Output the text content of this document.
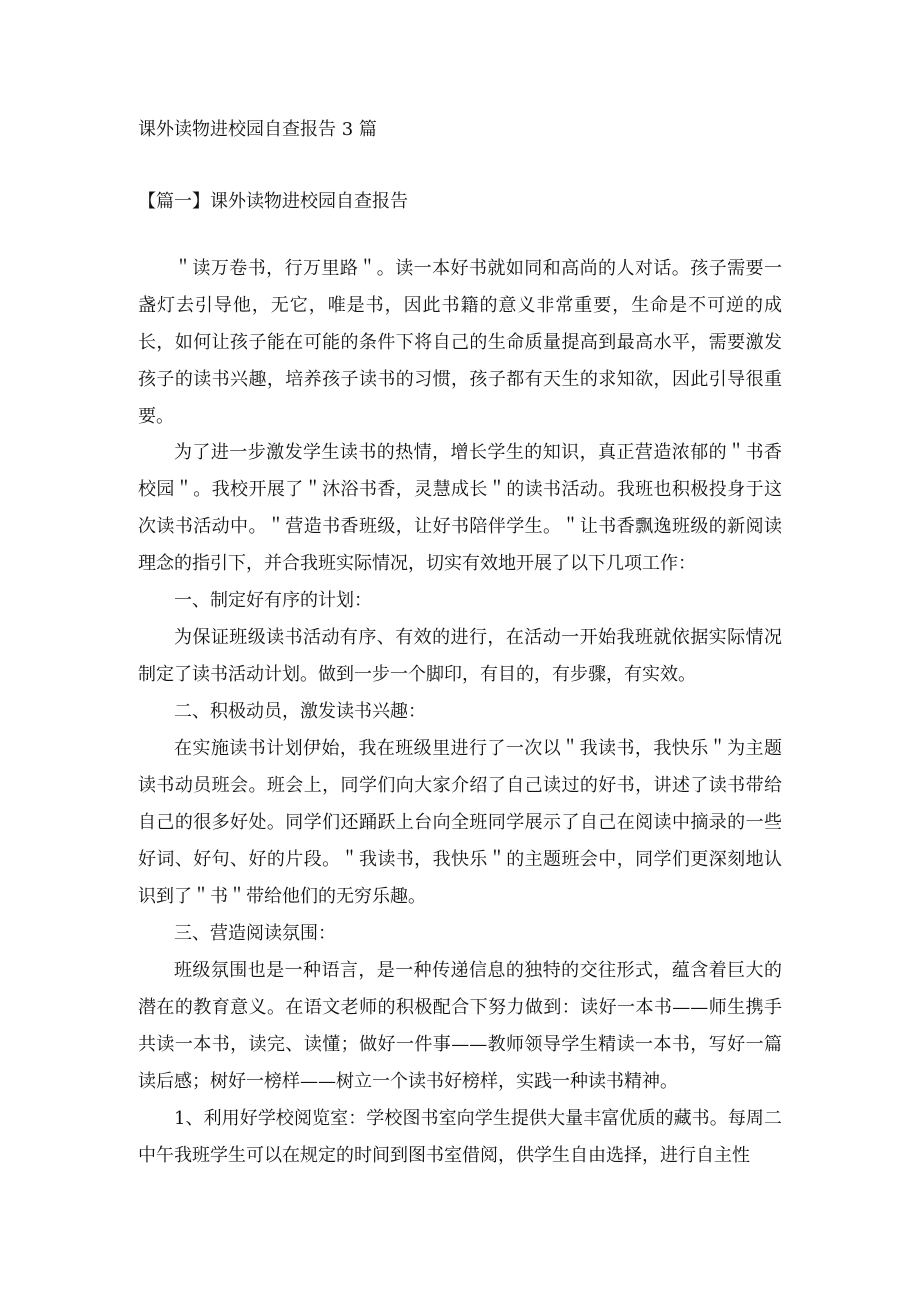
课外读物进校园自查报告 3 篇
【篇一】课外读物进校园自查报告

＂读万卷书，行万里路＂。读一本好书就如同和高尚的人对话。孩子需要一盏灯去引导他，无它，唯是书，因此书籍的意义非常重要，生命是不可逆的成长，如何让孩子能在可能的条件下将自己的生命质量提高到最高水平，需要激发孩子的读书兴趣，培养孩子读书的习惯，孩子都有天生的求知欲，因此引导很重要。

为了进一步激发学生读书的热情，增长学生的知识，真正营造浓郁的＂书香校园＂。我校开展了＂沐浴书香，灵慧成长＂的读书活动。我班也积极投身于这次读书活动中。＂营造书香班级，让好书陪伴学生。＂让书香飘逸班级的新阅读理念的指引下，并合我班实际情况，切实有效地开展了以下几项工作：

一、制定好有序的计划：

为保证班级读书活动有序、有效的进行，在活动一开始我班就依据实际情况制定了读书活动计划。做到一步一个脚印，有目的，有步骤，有实效。

二、积极动员，激发读书兴趣：

在实施读书计划伊始，我在班级里进行了一次以＂我读书，我快乐＂为主题读书动员班会。班会上，同学们向大家介绍了自己读过的好书，讲述了读书带给自己的很多好处。同学们还踊跃上台向全班同学展示了自己在阅读中摘录的一些好词、好句、好的片段。＂我读书，我快乐＂的主题班会中，同学们更深刻地认识到了＂书＂带给他们的无穷乐趣。

三、营造阅读氛围：

班级氛围也是一种语言，是一种传递信息的独特的交往形式，蕴含着巨大的潜在的教育意义。在语文老师的积极配合下努力做到：读好一本书——师生携手共读一本书，读完、读懂；做好一件事——教师领导学生精读一本书，写好一篇读后感；树好一榜样——树立一个读书好榜样，实践一种读书精神。

1、利用好学校阅览室：学校图书室向学生提供大量丰富优质的藏书。每周二中午我班学生可以在规定的时间到图书室借阅，供学生自由选择，进行自主性
